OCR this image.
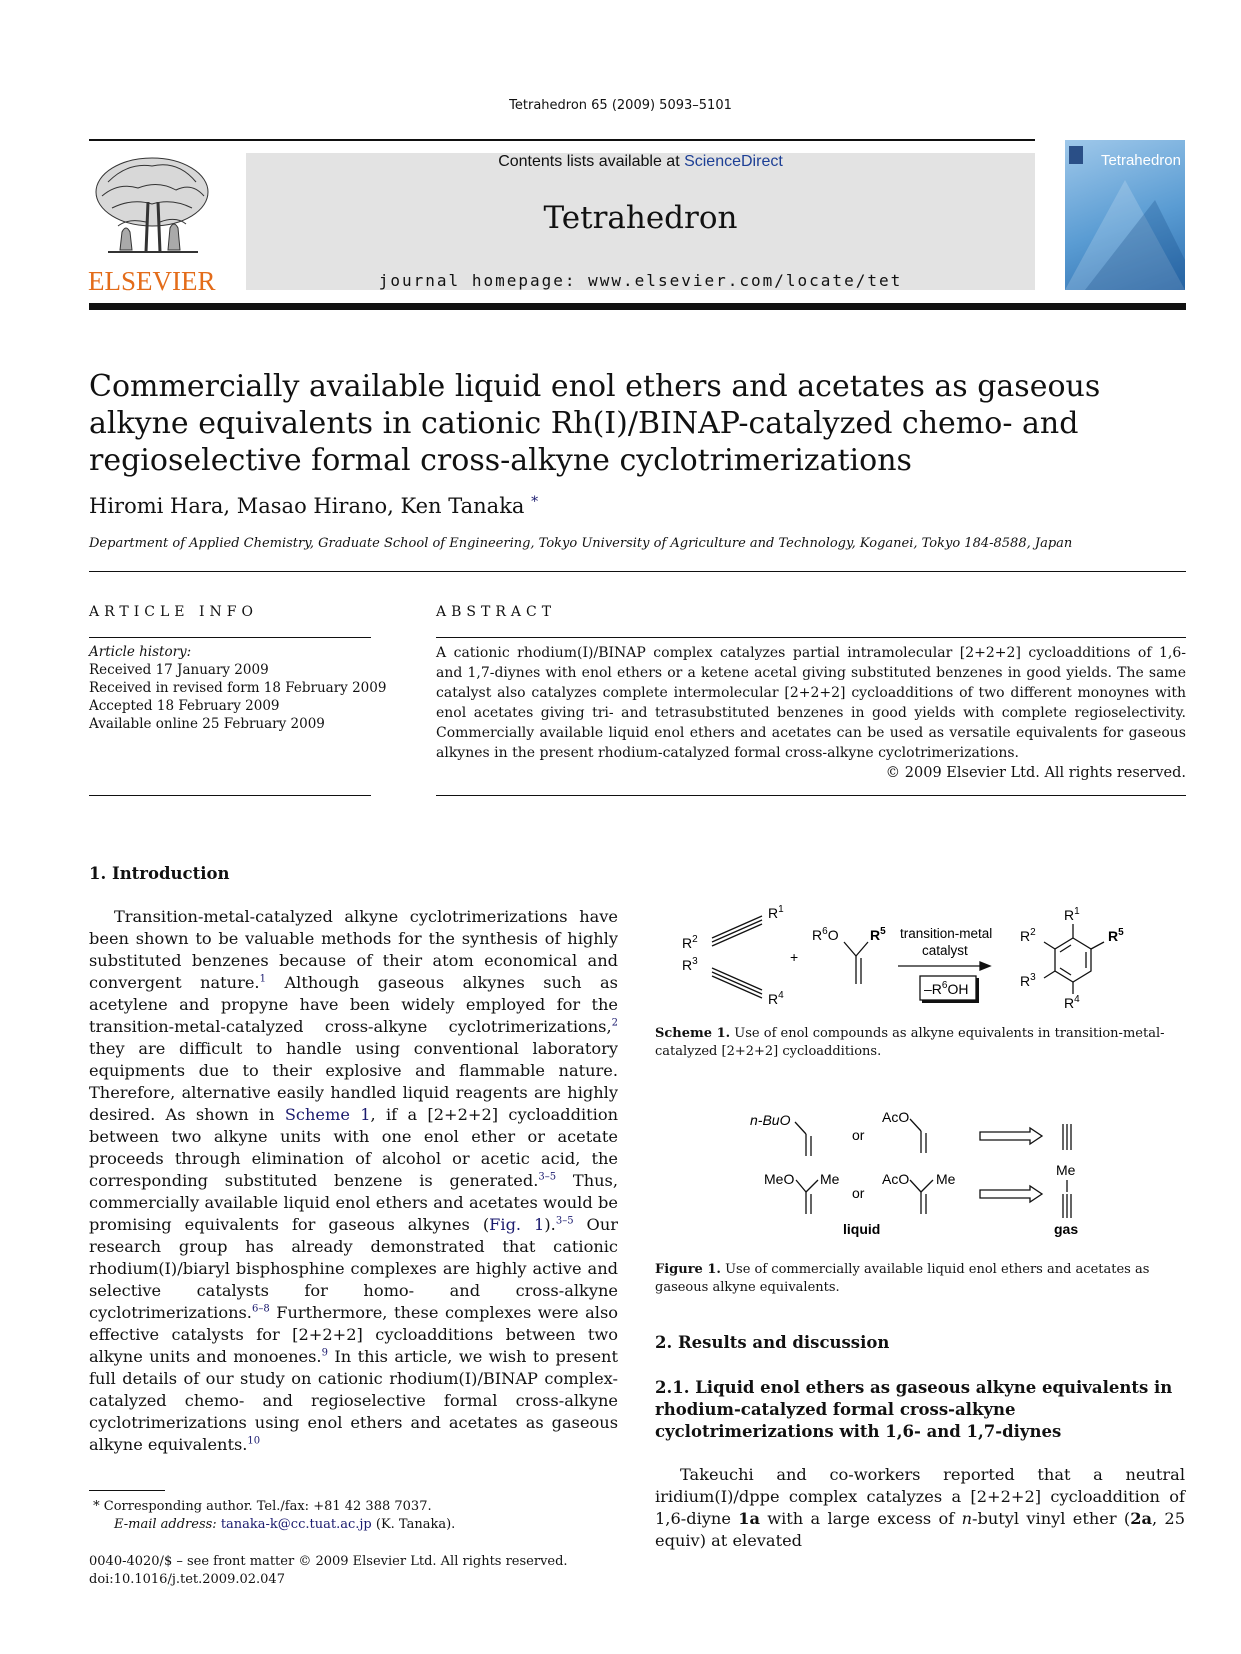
Tetrahedron 65 (2009) 5093–5101
ELSEVIER
Contents lists available at ScienceDirect
Tetrahedron
journal homepage: www.elsevier.com/locate/tet
Tetrahedron
Commercially available liquid enol ethers and acetates as gaseous alkyne equivalents in cationic Rh(I)/BINAP-catalyzed chemo- and regioselective formal cross-alkyne cyclotrimerizations
Hiromi Hara, Masao Hirano, Ken Tanaka *
Department of Applied Chemistry, Graduate School of Engineering, Tokyo University of Agriculture and Technology, Koganei, Tokyo 184-8588, Japan
ARTICLE INFO	ABSTRACT
Article history:
Received 17 January 2009
Received in revised form 18 February 2009
Accepted 18 February 2009
Available online 25 February 2009
A cationic rhodium(I)/BINAP complex catalyzes partial intramolecular [2+2+2] cycloadditions of 1,6- and 1,7-diynes with enol ethers or a ketene acetal giving substituted benzenes in good yields. The same catalyst also catalyzes complete intermolecular [2+2+2] cycloadditions of two different monoynes with enol acetates giving tri- and tetrasubstituted benzenes in good yields with complete regioselectivity. Commercially available liquid enol ethers and acetates can be used as versatile equivalents for gaseous alkynes in the present rhodium-catalyzed formal cross-alkyne cyclotrimerizations.
© 2009 Elsevier Ltd. All rights reserved.
1. Introduction

Transition-metal-catalyzed alkyne cyclotrimerizations have been shown to be valuable methods for the synthesis of highly substituted benzenes because of their atom economical and convergent nature.$^1$ Although gaseous alkynes such as acetylene and propyne have been widely employed for the transition-metal-catalyzed cross-alkyne cyclotrimerizations,$^2$ they are difficult to handle using conventional laboratory equipments due to their explosive and flammable nature. Therefore, alternative easily handled liquid reagents are highly desired. As shown in Scheme 1, if a [2+2+2] cycloaddition between two alkyne units with one enol ether or acetate proceeds through elimination of alcohol or acetic acid, the corresponding substituted benzene is generated.$^{3-5}$ Thus, commercially available liquid enol ethers and acetates would be promising equivalents for gaseous alkynes (Fig. 1).$^{3-5}$ Our research group has already demonstrated that cationic rhodium(I)/biaryl bisphosphine complexes are highly active and selective catalysts for homo- and cross-alkyne cyclotrimerizations.$^{6-8}$ Furthermore, these complexes were also effective catalysts for [2+2+2] cycloadditions between two alkyne units and monoenes.$^9$ In this article, we wish to present full details of our study on cationic rhodium(I)/BINAP complex-catalyzed chemo- and regioselective formal cross-alkyne cyclotrimerizations using enol ethers and acetates as gaseous alkyne equivalents.$^{10}$

* Corresponding author. Tel./fax: +81 42 388 7037.
E-mail address: tanaka-k@cc.tuat.ac.jp (K. Tanaka).
0040-4020/$ – see front matter © 2009 Elsevier Ltd. All rights reserved.
doi:10.1016/j.tet.2009.02.047
$R^1$
$R^2$
$R^3$
$R^4$
+
$R^6O$ $R^5$ transition-metal
catalyst
$-R^6OH$
$R^1$
$R^2$	$R^5$
$R^3$
$R^4$
Scheme 1. Use of enol compounds as alkyne equivalents in transition-metal-catalyzed [2+2+2] cycloadditions.
n-BuO
or
AcO
MeO Me
or
AcO Me
Me
liquid	gas
Figure 1. Use of commercially available liquid enol ethers and acetates as gaseous alkyne equivalents.
2. Results and discussion
2.1. Liquid enol ethers as gaseous alkyne equivalents in rhodium-catalyzed formal cross-alkyne cyclotrimerizations with 1,6- and 1,7-diynes

Takeuchi and co-workers reported that a neutral iridium(I)/dppe complex catalyzes a [2+2+2] cycloaddition of 1,6-diyne 1a with a large excess of n-butyl vinyl ether (2a, 25 equiv) at elevated
